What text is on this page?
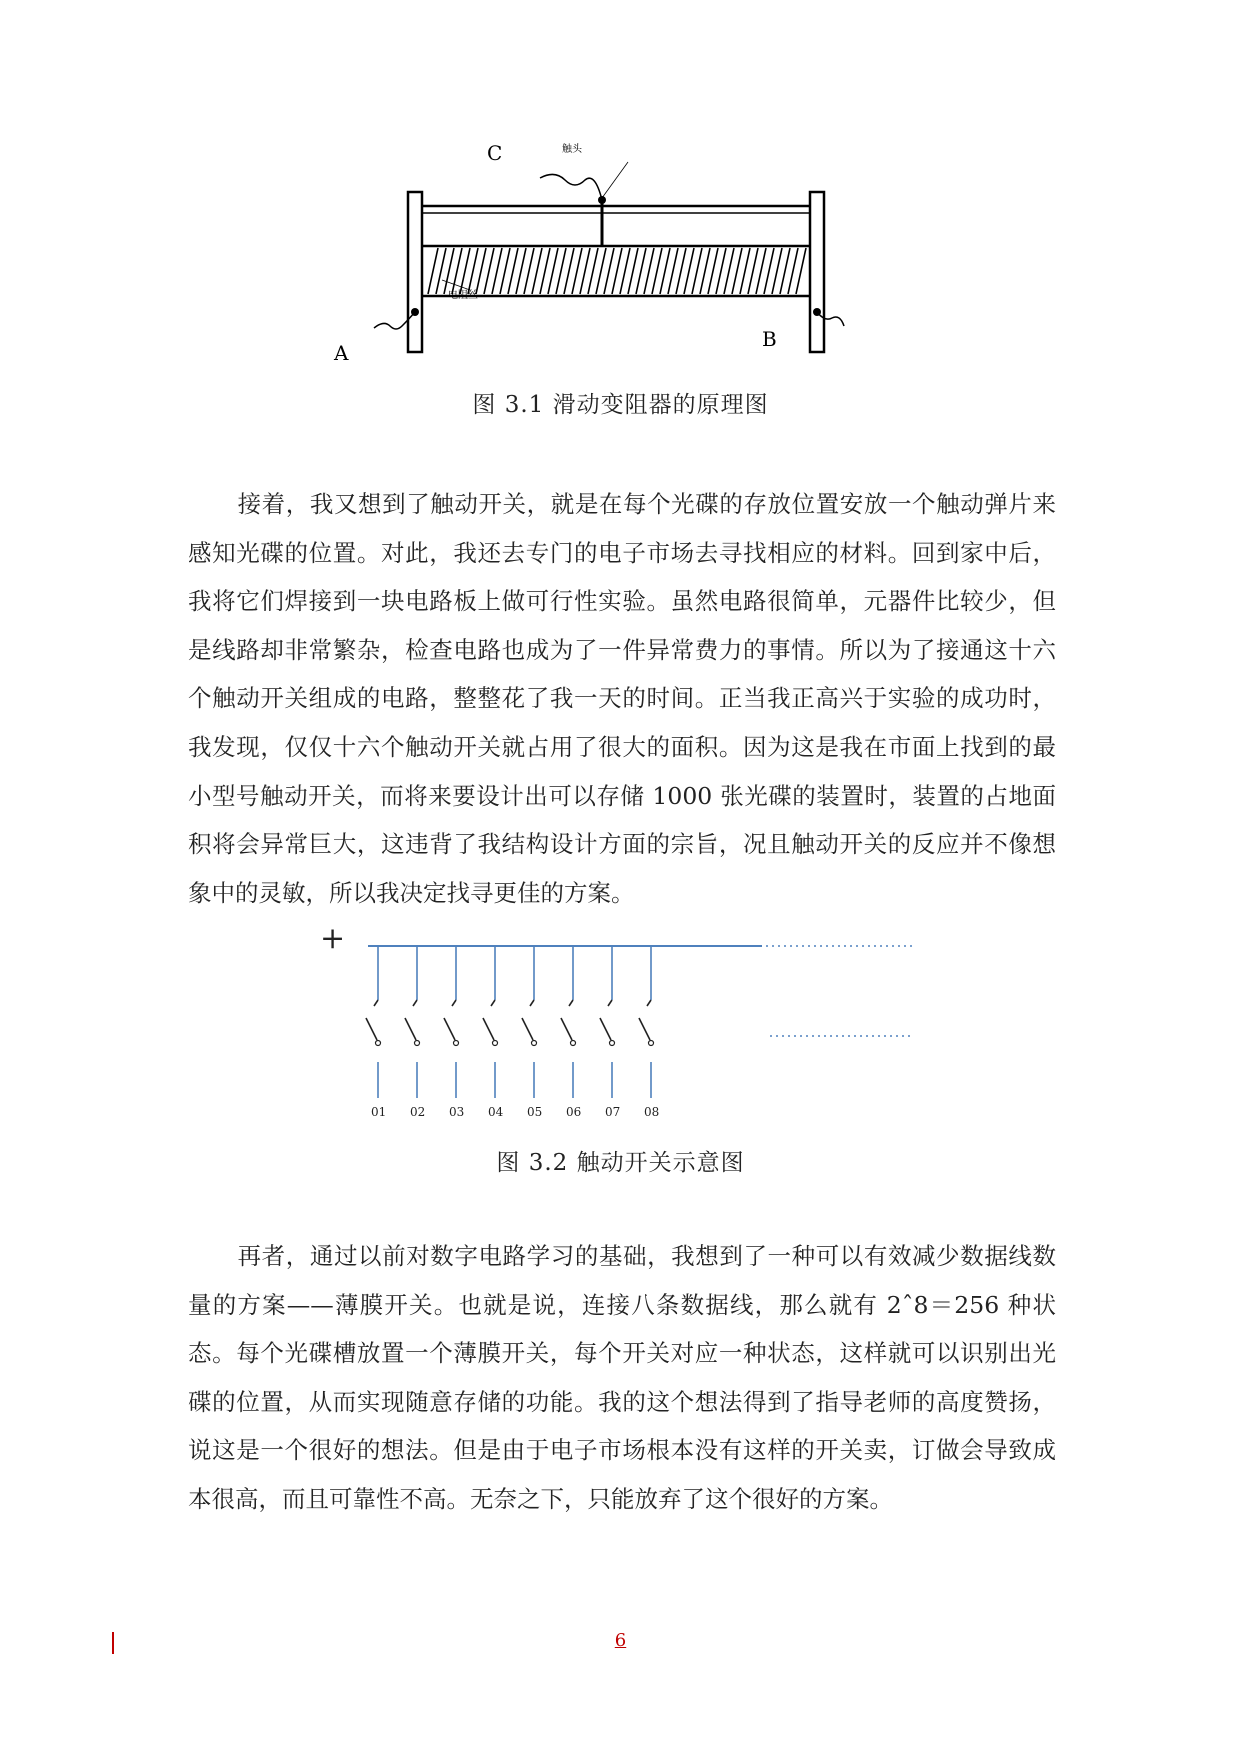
C	触头
电阻丝
A
B
图 3.1 滑动变阻器的原理图

接着，我又想到了触动开关，就是在每个光碟的存放位置安放一个触动弹片来感知光碟的位置。对此，我还去专门的电子市场去寻找相应的材料。回到家中后，我将它们焊接到一块电路板上做可行性实验。虽然电路很简单，元器件比较少，但是线路却非常繁杂，检查电路也成为了一件异常费力的事情。所以为了接通这十六个触动开关组成的电路，整整花了我一天的时间。正当我正高兴于实验的成功时，我发现，仅仅十六个触动开关就占用了很大的面积。因为这是我在市面上找到的最小型号触动开关，而将来要设计出可以存储 1000 张光碟的装置时，装置的占地面积将会异常巨大，这违背了我结构设计方面的宗旨，况且触动开关的反应并不像想象中的灵敏，所以我决定找寻更佳的方案。

+
01 02 03 04 05 06 07 08
图 3.2 触动开关示意图

再者，通过以前对数字电路学习的基础，我想到了一种可以有效减少数据线数量的方案——薄膜开关。也就是说，连接八条数据线，那么就有 2ˆ8＝256 种状态。每个光碟槽放置一个薄膜开关，每个开关对应一种状态，这样就可以识别出光碟的位置，从而实现随意存储的功能。我的这个想法得到了指导老师的高度赞扬，说这是一个很好的想法。但是由于电子市场根本没有这样的开关卖，订做会导致成本很高，而且可靠性不高。无奈之下，只能放弃了这个很好的方案。

6
